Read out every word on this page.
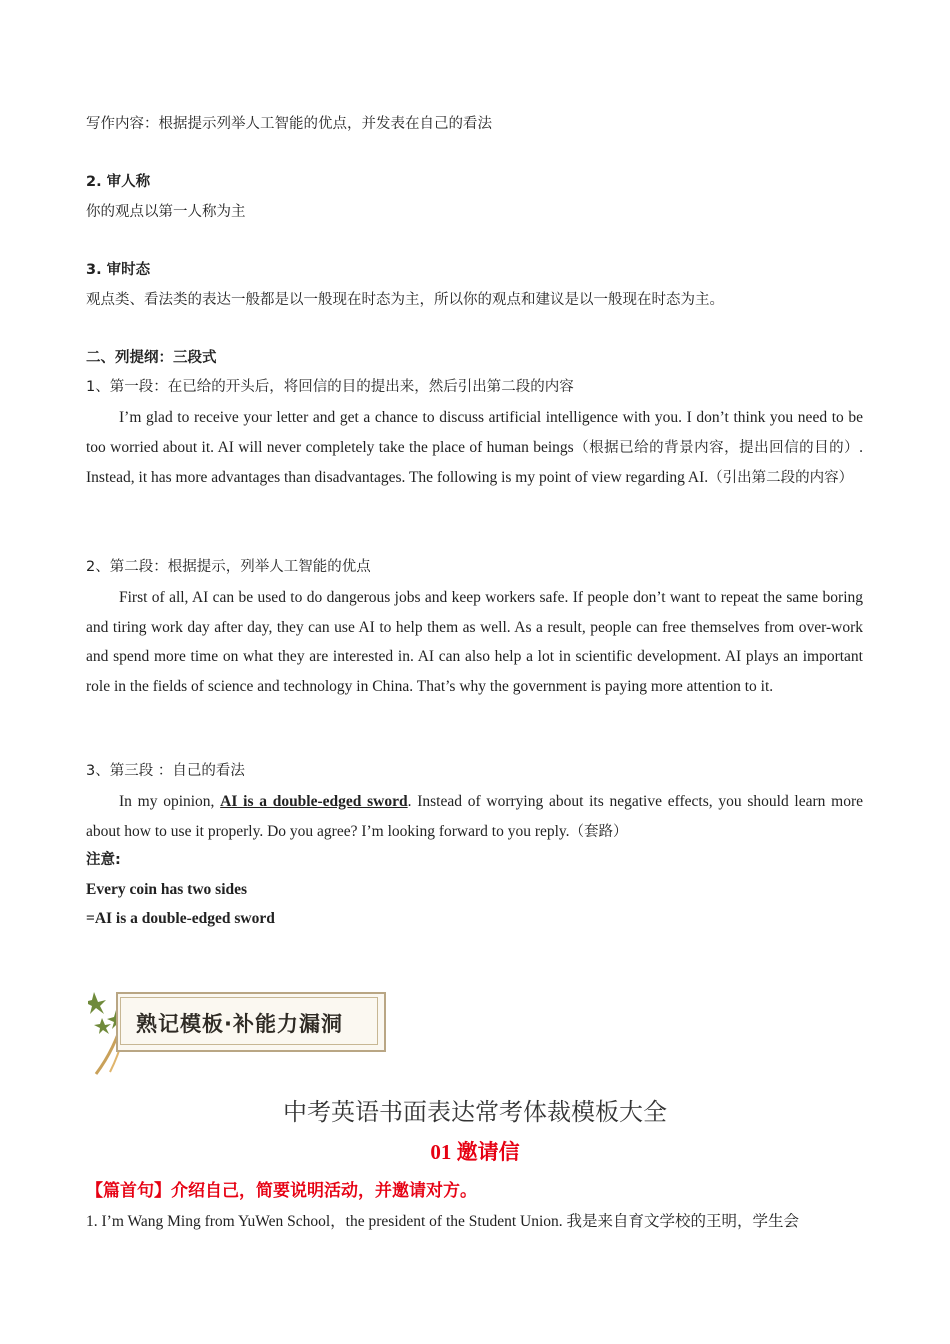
写作内容：根据提示列举人工智能的优点，并发表在自己的看法
2. 审人称
你的观点以第一人称为主
3. 审时态
观点类、看法类的表达一般都是以一般现在时态为主，所以你的观点和建议是以一般现在时态为主。
二、列提纲：三段式
1、第一段：在已给的开头后，将回信的目的提出来，然后引出第二段的内容
I’m glad to receive your letter and get a chance to discuss artificial intelligence with you. I don’t think you need to be too worried about it. AI will never completely take the place of human beings（根据已给的背景内容，提出回信的目的）. Instead, it has more advantages than disadvantages. The following is my point of view regarding AI.（引出第二段的内容）
2、第二段：根据提示，列举人工智能的优点
First of all, AI can be used to do dangerous jobs and keep workers safe. If people don’t want to repeat the same boring and tiring work day after day, they can use AI to help them as well. As a result, people can free themselves from over-work and spend more time on what they are interested in. AI can also help a lot in scientific development. AI plays an important role in the fields of science and technology in China. That’s why the government is paying more attention to it.
3、第三段 ：自己的看法
In my opinion, AI is a double-edged sword. Instead of worrying about its negative effects, you should learn more about how to use it properly. Do you agree? I’m looking forward to you reply.（套路）
注意:
Every coin has two sides
=AI is a double-edged sword
熟记模板·补能力漏洞
中考英语书面表达常考体裁模板大全
01 邀请信
【篇首句】介绍自己，简要说明活动，并邀请对方。
1. I’m Wang Ming from YuWen School，the president of the Student Union. 我是来自育文学校的王明，学生会
